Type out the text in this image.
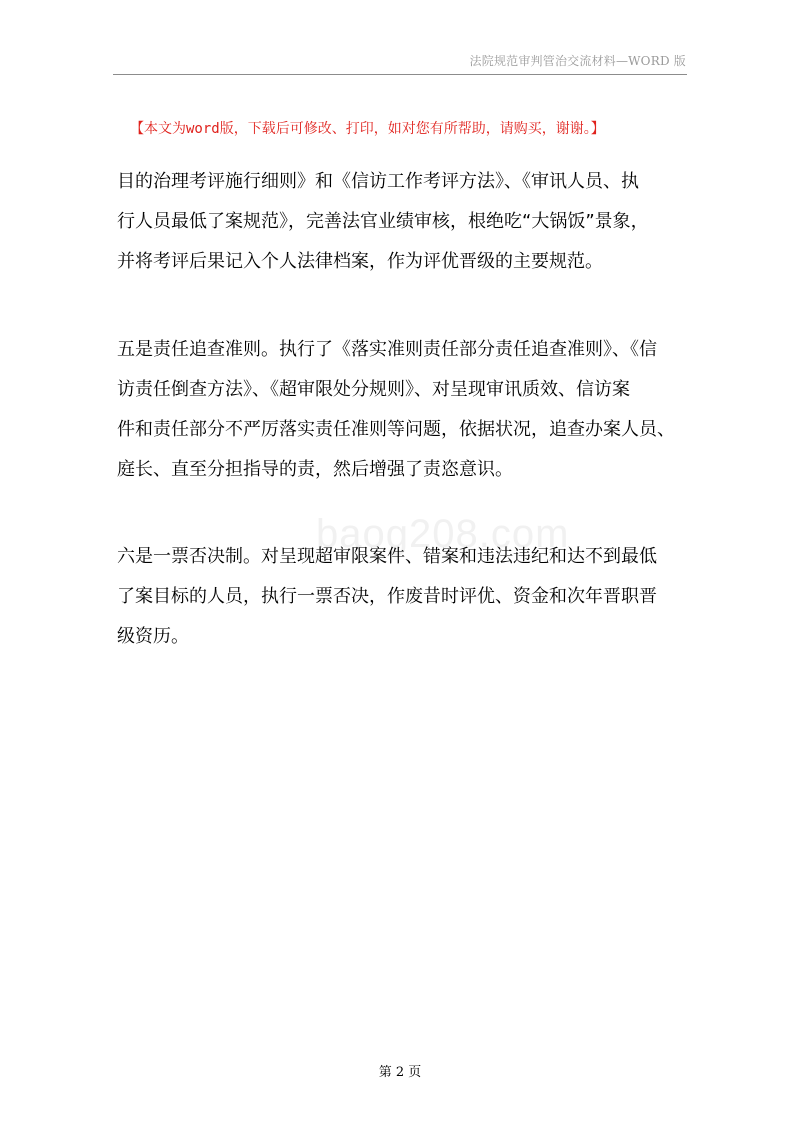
法院规范审判管治交流材料—WORD 版
【本文为word版，下载后可修改、打印，如对您有所帮助，请购买，谢谢。】
baog208.com
目的治理考评施行细则》和《信访工作考评方法》、《审讯人员、执
行人员最低了案规范》，完善法官业绩审核，根绝吃“大锅饭”景象，
并将考评后果记入个人法律档案，作为评优晋级的主要规范。
五是责任追查准则。执行了《落实准则责任部分责任追查准则》、《信
访责任倒查方法》、《超审限处分规则》、对呈现审讯质效、信访案
件和责任部分不严厉落实责任准则等问题，依据状况，追查办案人员、
庭长、直至分担指导的责，然后增强了责恣意识。
六是一票否决制。对呈现超审限案件、错案和违法违纪和达不到最低
了案目标的人员，执行一票否决，作废昔时评优、资金和次年晋职晋
级资历。
第 2 页
